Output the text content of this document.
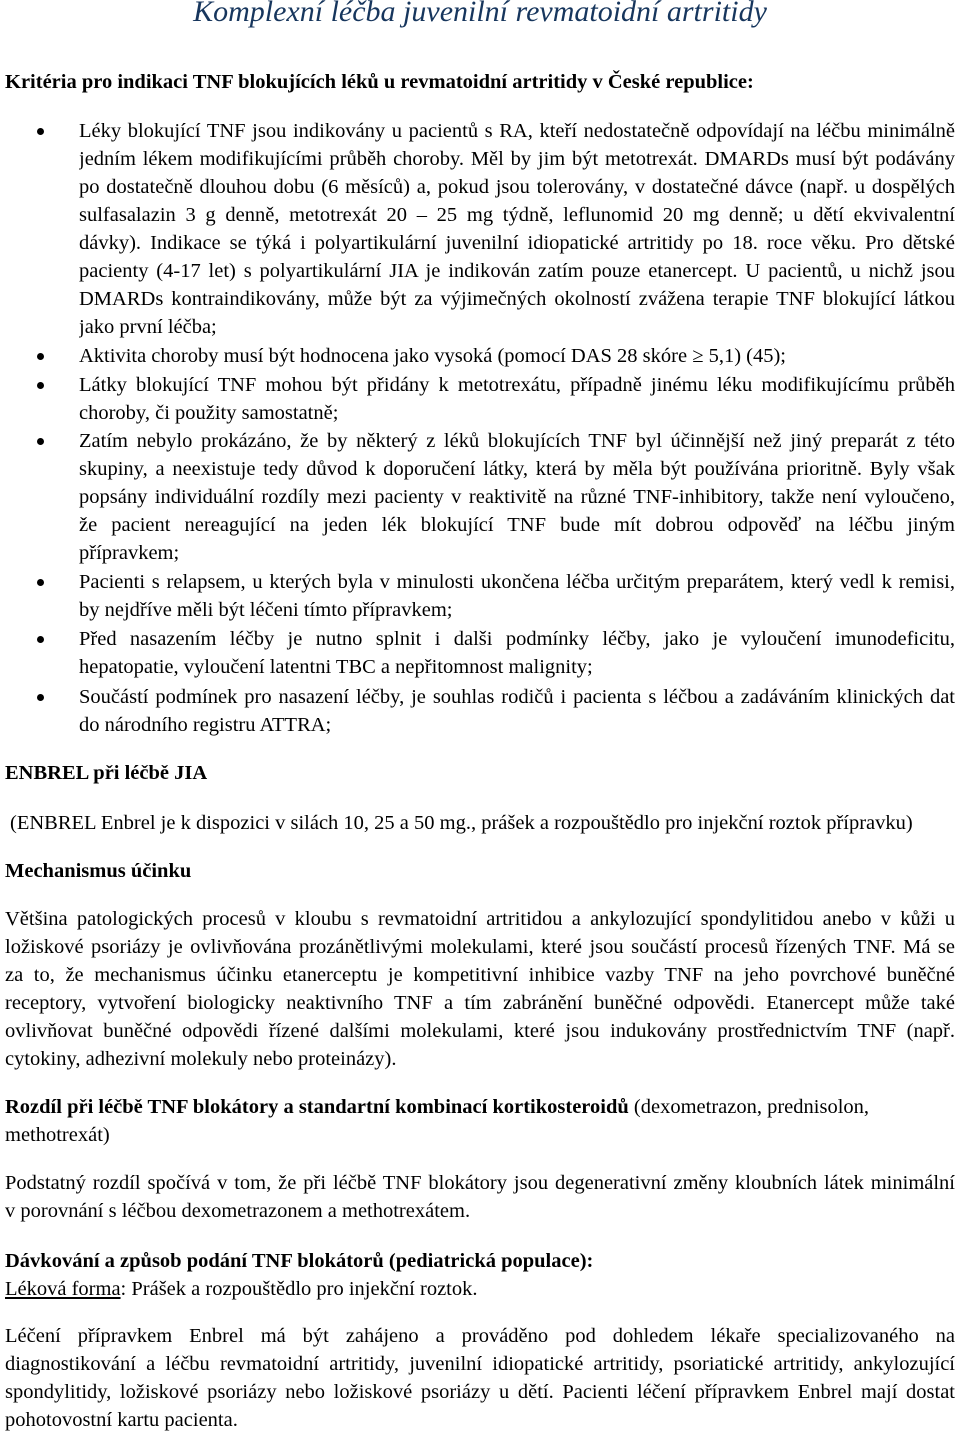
Komplexní léčba juvenilní revmatoidní artritidy
Kritéria pro indikaci TNF blokujících léků u revmatoidní artritidy v České republice:
Léky blokující TNF jsou indikovány u pacientů s RA, kteří nedostatečně odpovídají na léčbu minimálně
jedním lékem modifikujícími průběh choroby. Měl by jim být metotrexát. DMARDs musí být podávány
po dostatečně dlouhou dobu (6 měsíců) a, pokud jsou tolerovány, v dostatečné dávce (např. u dospělých
sulfasalazin 3 g denně, metotrexát 20 – 25 mg týdně, leflunomid 20 mg denně; u dětí ekvivalentní
dávky). Indikace se týká i polyartikulární juvenilní idiopatické artritidy po 18. roce věku. Pro dětské
pacienty (4-17 let) s polyartikulární JIA je indikován zatím pouze etanercept. U pacientů, u nichž jsou
DMARDs kontraindikovány, může být za výjimečných okolností zvážena terapie TNF blokující látkou
jako první léčba;
Aktivita choroby musí být hodnocena jako vysoká (pomocí DAS 28 skóre ≥ 5,1) (45);
Látky blokující TNF mohou být přidány k metotrexátu, případně jinému léku modifikujícímu průběh
choroby, či použity samostatně;
Zatím nebylo prokázáno, že by některý z léků blokujících TNF byl účinnější než jiný preparát z této
skupiny, a neexistuje tedy důvod k doporučení látky, která by měla být používána prioritně. Byly však
popsány individuální rozdíly mezi pacienty v reaktivitě na různé TNF-inhibitory, takže není vyloučeno,
že pacient nereagující na jeden lék blokující TNF bude mít dobrou odpověď na léčbu jiným
přípravkem;
Pacienti s relapsem, u kterých byla v minulosti ukončena léčba určitým preparátem, který vedl k remisi,
by nejdříve měli být léčeni tímto přípravkem;
Před nasazením léčby je nutno splnit i dalši podmínky léčby, jako je vyloučení imunodeficitu,
hepatopatie, vyloučení latentni TBC a nepřitomnost malignity;
Součástí podmínek pro nasazení léčby, je souhlas rodičů i pacienta s léčbou a zadáváním klinických dat
do národního registru ATTRA;
ENBREL při léčbě JIA
(ENBREL Enbrel je k dispozici v silách 10, 25 a 50 mg., prášek a rozpouštědlo pro injekční roztok přípravku)
Mechanismus účinku
Většina patologických procesů v kloubu s revmatoidní artritidou a ankylozující spondylitidou anebo v kůži u
ložiskové psoriázy je ovlivňována prozánětlivými molekulami, které jsou součástí procesů řízených TNF. Má se
za to, že mechanismus účinku etanerceptu je kompetitivní inhibice vazby TNF na jeho povrchové buněčné
receptory, vytvoření biologicky neaktivního TNF a tím zabránění buněčné odpovědi. Etanercept může také
ovlivňovat buněčné odpovědi řízené dalšími molekulami, které jsou indukovány prostřednictvím TNF (např.
cytokiny, adhezivní molekuly nebo proteinázy).
Rozdíl při léčbě TNF blokátory a standartní kombinací kortikosteroidů (dexometrazon, prednisolon,
methotrexát)
Podstatný rozdíl spočívá v tom, že při léčbě TNF blokátory jsou degenerativní změny kloubních látek minimální
v porovnání s léčbou dexometrazonem a methotrexátem.
Dávkování a způsob podání TNF blokátorů (pediatrická populace):
Léková forma: Prášek a rozpouštědlo pro injekční roztok.
Léčení přípravkem Enbrel má být zahájeno a prováděno pod dohledem lékaře specializovaného na
diagnostikování a léčbu revmatoidní artritidy, juvenilní idiopatické artritidy, psoriatické artritidy, ankylozující
spondylitidy, ložiskové psoriázy nebo ložiskové psoriázy u dětí. Pacienti léčení přípravkem Enbrel mají dostat
pohotovostní kartu pacienta.
